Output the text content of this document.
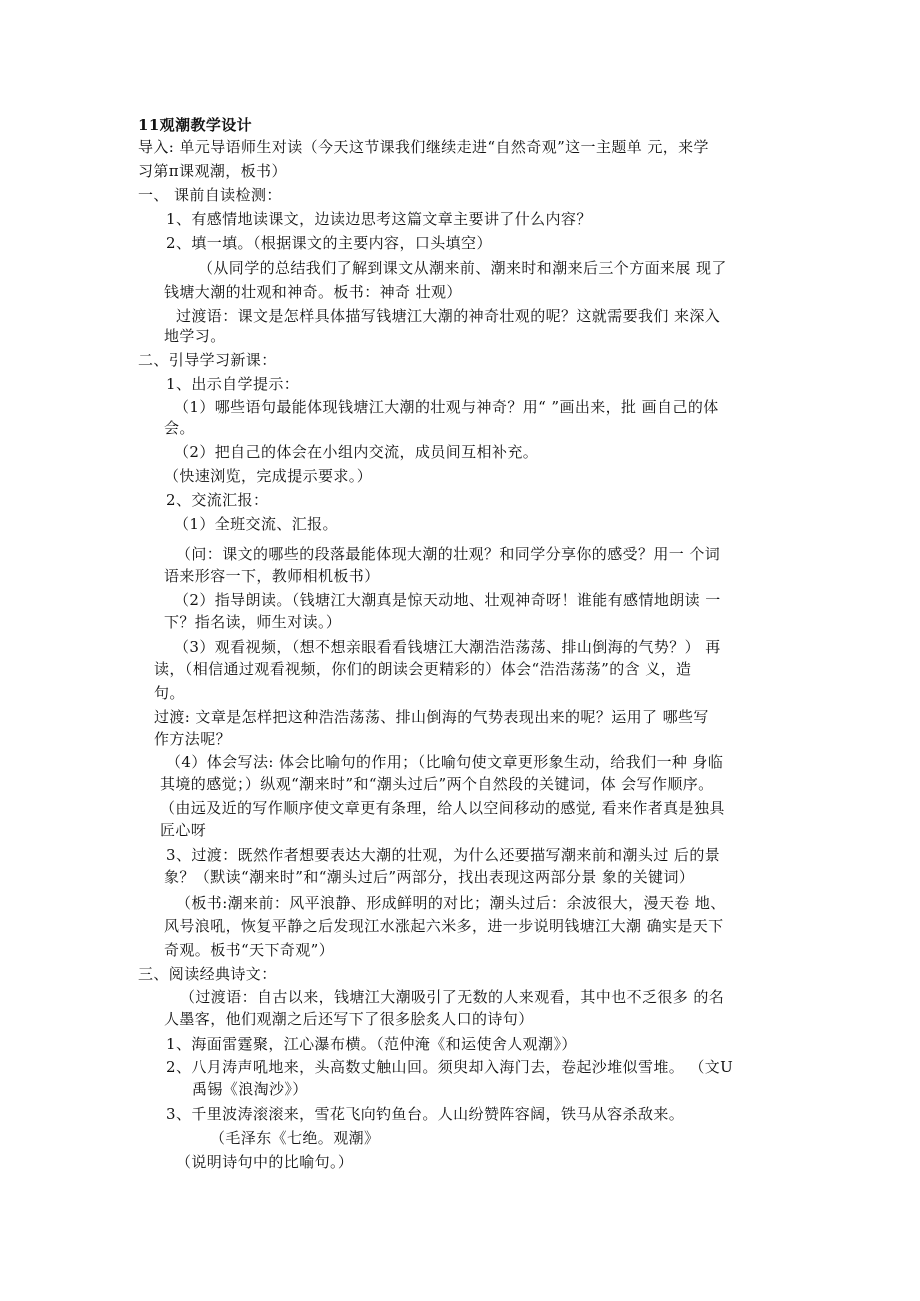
11观潮教学设计
导入: 单元导语师生对读（今天这节课我们继续走进“自然奇观”这一主题单 元，来学
习第π课观潮，板书）
一、 课前自读检测：
1、有感情地读课文，边读边思考这篇文章主要讲了什么内容？
2、填一填。（根据课文的主要内容，口头填空）
（从同学的总结我们了解到课文从潮来前、潮来时和潮来后三个方面来展 现了
钱塘大潮的壮观和神奇。板书：神奇 壮观）
过渡语：课文是怎样具体描写钱塘江大潮的神奇壮观的呢？这就需要我们 来深入
地学习。
二、引导学习新课：
1、出示自学提示：
（1）哪些语句最能体现钱塘江大潮的壮观与神奇？用“ ”画出来，批 画自己的体
会。
（2）把自己的体会在小组内交流，成员间互相补充。
（快速浏览，完成提示要求。）
2、交流汇报：
（1）全班交流、汇报。
（问：课文的哪些的段落最能体现大潮的壮观？和同学分享你的感受？用一 个词
语来形容一下，教师相机板书）
（2）指导朗读。（钱塘江大潮真是惊天动地、壮观神奇呀！谁能有感情地朗读 一
下？指名读，师生对读。）
（3）观看视频，（想不想亲眼看看钱塘江大潮浩浩荡荡、排山倒海的气势？） 再
读，（相信通过观看视频，你们的朗读会更精彩的）体会“浩浩荡荡”的含 义，造
句。
过渡: 文章是怎样把这种浩浩荡荡、排山倒海的气势表现出来的呢？运用了 哪些写
作方法呢？
（4）体会写法: 体会比喻句的作用；（比喻句使文章更形象生动，给我们一种 身临
其境的感觉；）纵观“潮来时”和“潮头过后”两个自然段的关键词，体 会写作顺序。
（由远及近的写作顺序使文章更有条理，给人以空间移动的感觉, 看来作者真是独具
匠心呀
3、过渡：既然作者想要表达大潮的壮观，为什么还要描写潮来前和潮头过 后的景
象？（默读“潮来时”和“潮头过后”两部分，找出表现这两部分景 象的关键词）
（板书:潮来前：风平浪静、形成鲜明的对比；潮头过后：余波很大，漫天卷 地、
风号浪吼，恢复平静之后发现江水涨起六米多，进一步说明钱塘江大潮 确实是天下
奇观。板书“天下奇观”）
三、阅读经典诗文：
（过渡语：自古以来，钱塘江大潮吸引了无数的人来观看，其中也不乏很多 的名
人墨客，他们观潮之后还写下了很多脍炙人口的诗句）
1、海面雷霆聚，江心瀑布横。（范仲淹《和运使舍人观潮》）
2、八月涛声吼地来，头高数丈触山回。须臾却入海门去，卷起沙堆似雪堆。 （文U
禹锡《浪淘沙》）
3、千里波涛滚滚来，雪花飞向钓鱼台。人山纷赞阵容阔，铁马从容杀敌来。
（毛泽东《七绝。观潮》
（说明诗句中的比喻句。）
